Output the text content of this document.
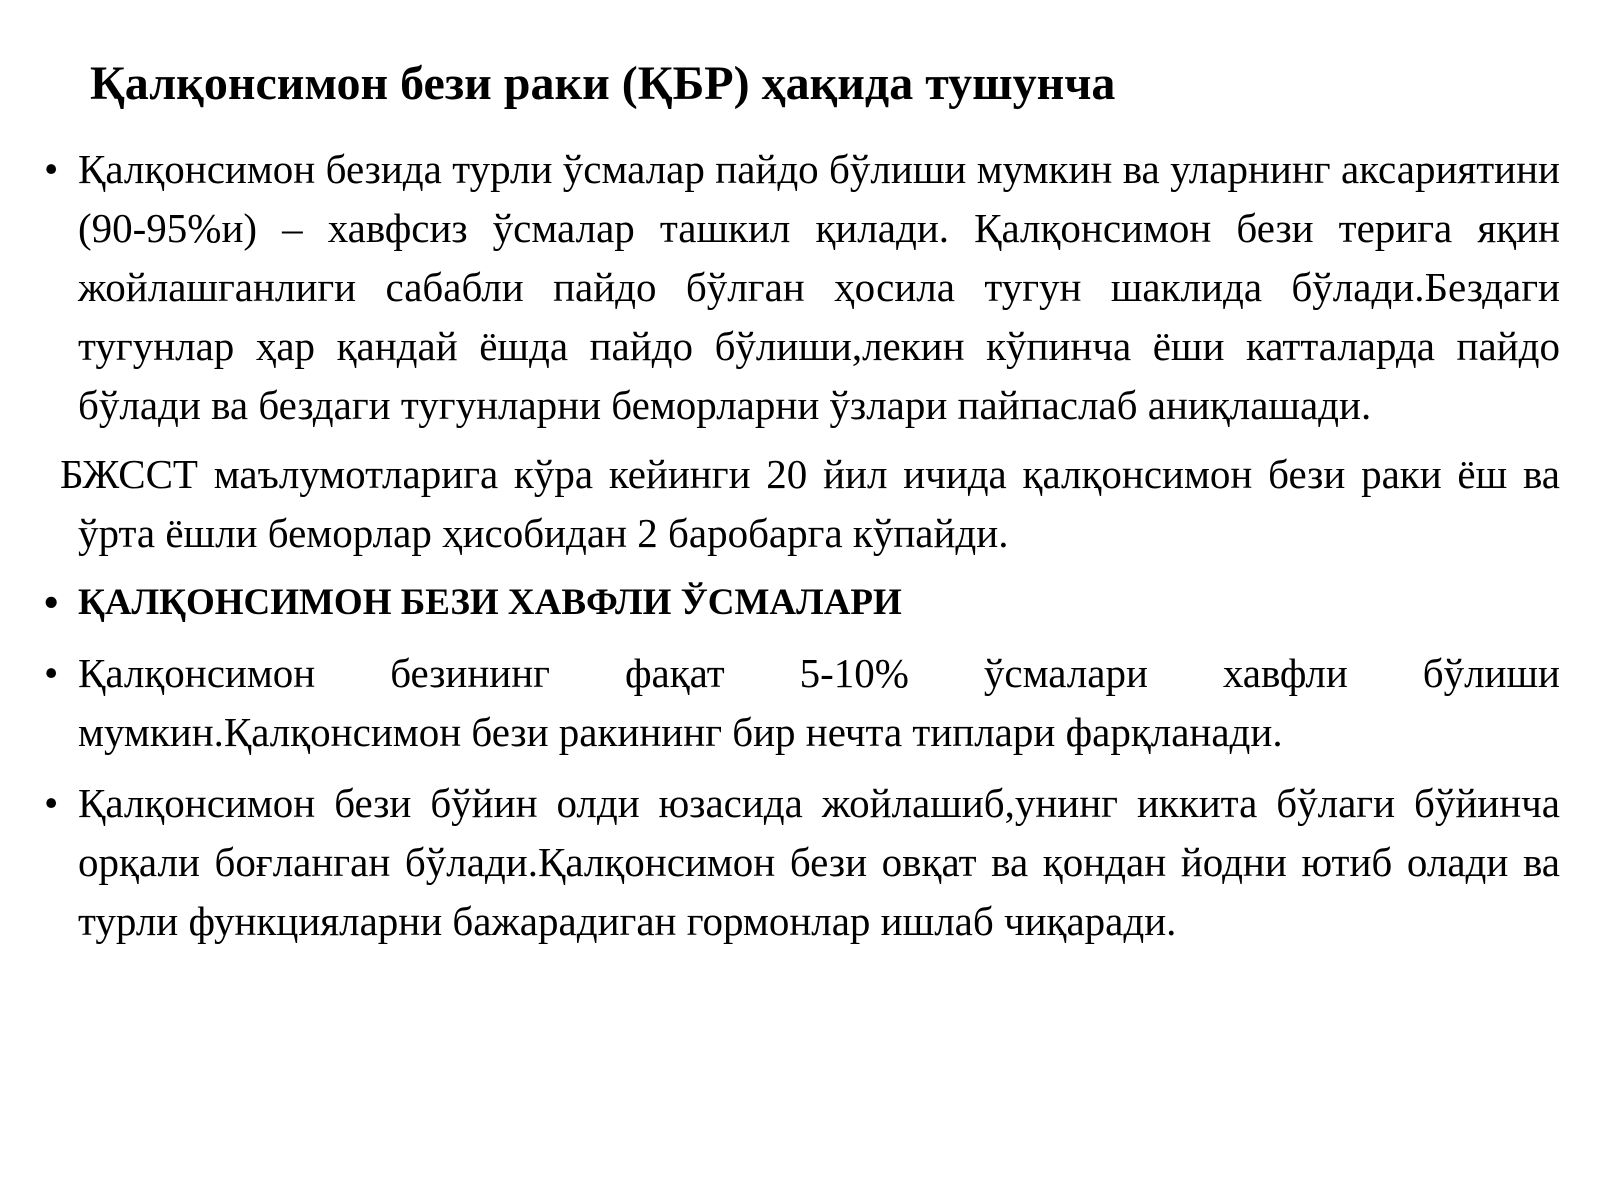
Қалқонсимон бези раки (ҚБР) ҳақида тушунча
• Қалқонсимон безида турли ўсмалар пайдо бўлиши мумкин ва уларнинг аксариятини (90-95%и) – хавфсиз ўсмалар ташкил қилади. Қалқонсимон бези терига яқин жойлашганлиги сабабли пайдо бўлган ҳосила тугун шаклида бўлади.Бездаги тугунлар ҳар қандай ёшда пайдо бўлиши,лекин кўпинча ёши катталарда пайдо бўлади ва бездаги тугунларни беморларни ўзлари пайпаслаб аниқлашади.
БЖССТ маълумотларига кўра кейинги 20 йил ичида қалқонсимон бези раки ёш ва ўрта ёшли беморлар ҳисобидан 2 баробарга кўпайди.
• ҚАЛҚОНСИМОН БЕЗИ ХАВФЛИ ЎСМАЛАРИ
• Қалқонсимон безининг фақат 5-10% ўсмалари хавфли бўлиши мумкин.Қалқонсимон бези ракининг бир нечта типлари фарқланади.
• Қалқонсимон бези бўйин олди юзасида жойлашиб,унинг иккита бўлаги бўйинча орқали боғланган бўлади.Қалқонсимон бези овқат ва қондан йодни ютиб олади ва турли функцияларни бажарадиган гормонлар ишлаб чиқаради.
